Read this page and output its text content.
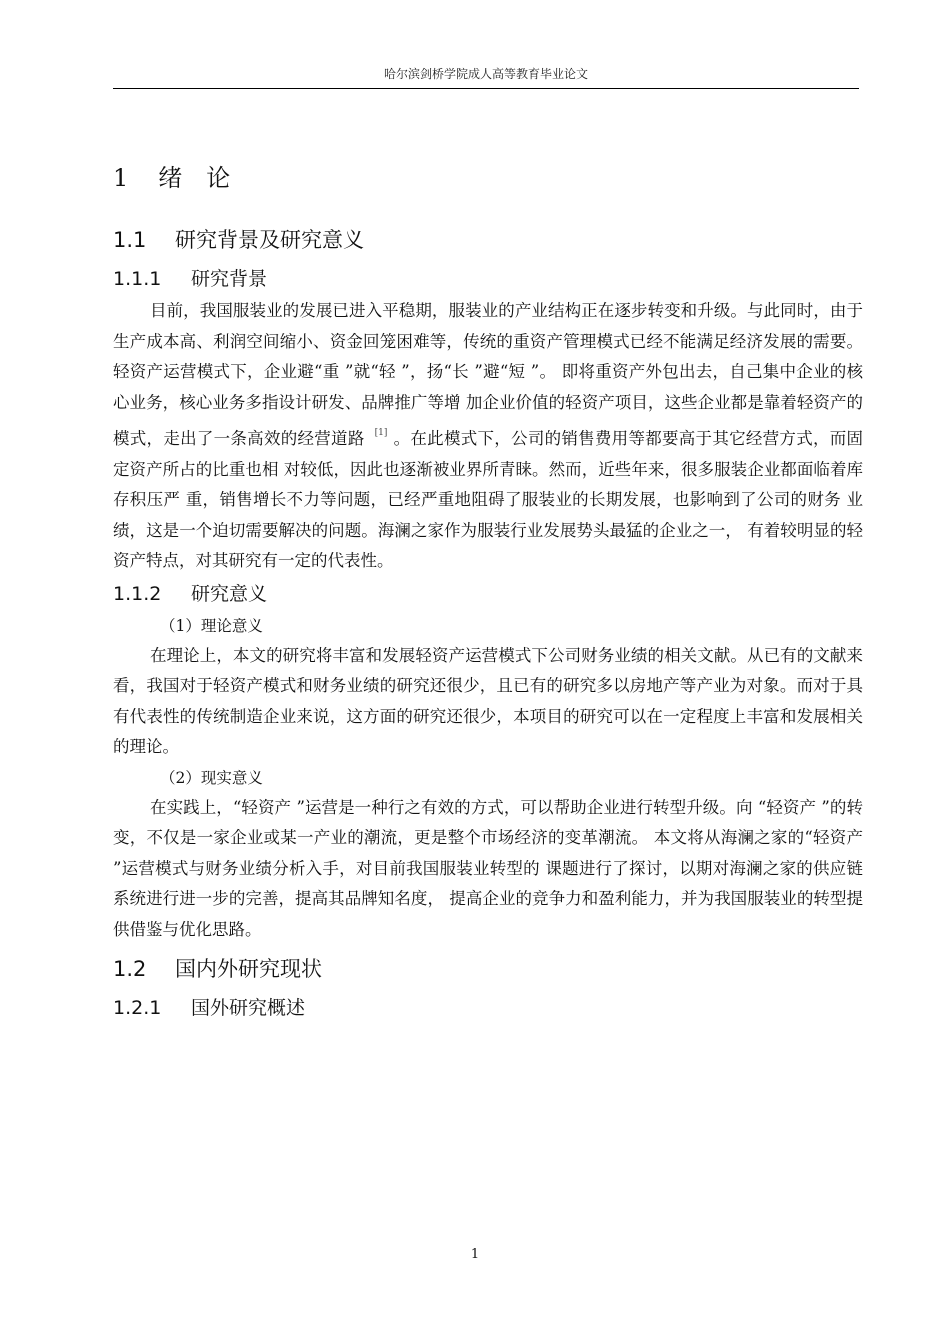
哈尔滨剑桥学院成人高等教育毕业论文
1 绪 论
1.1 研究背景及研究意义
1.1.1 研究背景

目前，我国服装业的发展已进入平稳期，服装业的产业结构正在逐步转变和升级。与此同时，由于生产成本高、利润空间缩小、资金回笼困难等，传统的重资产管理模式已经不能满足经济发展的需要。轻资产运营模式下，企业避“重 ”就“轻 ”，扬“长 ”避“短 ”。 即将重资产外包出去，自己集中企业的核心业务，核心业务多指设计研发、品牌推广等增 加企业价值的轻资产项目，这些企业都是靠着轻资产的模式，走出了一条高效的经营道路 [1] 。在此模式下，公司的销售费用等都要高于其它经营方式，而固定资产所占的比重也相 对较低，因此也逐渐被业界所青睐。然而，近些年来，很多服装企业都面临着库存积压严 重，销售增长不力等问题，已经严重地阻碍了服装业的长期发展，也影响到了公司的财务 业绩，这是一个迫切需要解决的问题。海澜之家作为服装行业发展势头最猛的企业之一， 有着较明显的轻资产特点，对其研究有一定的代表性。

1.1.2 研究意义

（1）理论意义

在理论上，本文的研究将丰富和发展轻资产运营模式下公司财务业绩的相关文献。从已有的文献来看，我国对于轻资产模式和财务业绩的研究还很少，且已有的研究多以房地产等产业为对象。而对于具有代表性的传统制造企业来说，这方面的研究还很少，本项目的研究可以在一定程度上丰富和发展相关的理论。

（2）现实意义

在实践上，“轻资产 ”运营是一种行之有效的方式，可以帮助企业进行转型升级。向 “轻资产 ”的转变，不仅是一家企业或某一产业的潮流，更是整个市场经济的变革潮流。 本文将从海澜之家的“轻资产 ”运营模式与财务业绩分析入手，对目前我国服装业转型的 课题进行了探讨，以期对海澜之家的供应链系统进行进一步的完善，提高其品牌知名度， 提高企业的竞争力和盈利能力，并为我国服装业的转型提供借鉴与优化思路。

1.2 国内外研究现状
1.2.1 国外研究概述
1
